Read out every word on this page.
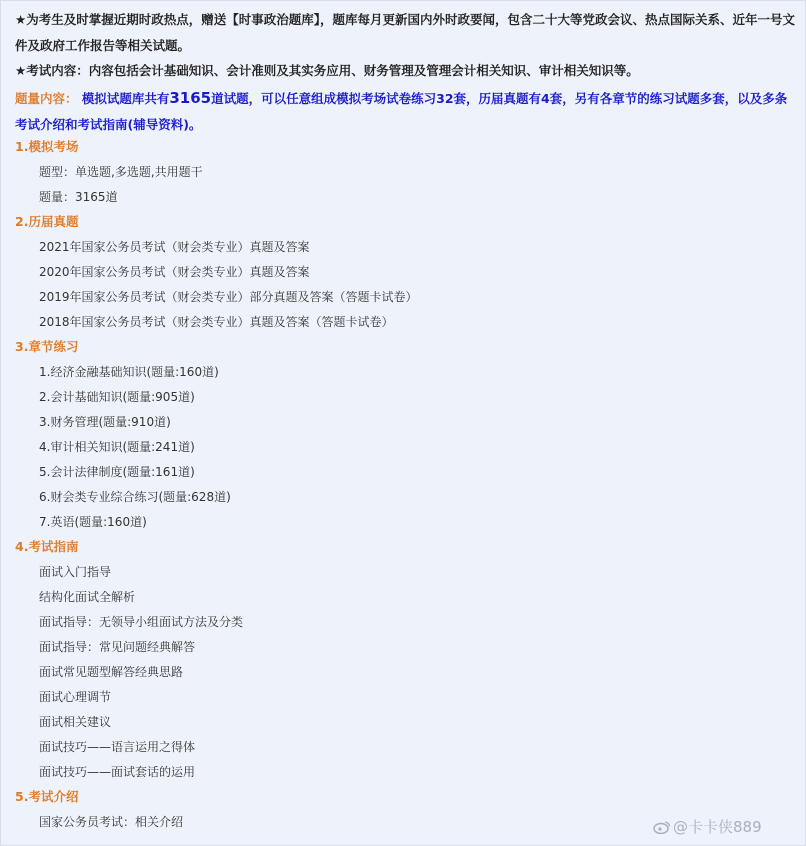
★为考生及时掌握近期时政热点，赠送【时事政治题库】，题库每月更新国内外时政要闻，包含二十大等党政会议、热点国际关系、近年一号文件及政府工作报告等相关试题。
★考试内容：内容包括会计基础知识、会计准则及其实务应用、财务管理及管理会计相关知识、审计相关知识等。
题量内容： 模拟试题库共有3165道试题，可以任意组成模拟考场试卷练习32套，历届真题有4套，另有各章节的练习试题多套，以及多条考试介绍和考试指南(辅导资料)。
1.模拟考场
题型：单选题,多选题,共用题干
题量：3165道
2.历届真题
2021年国家公务员考试（财会类专业）真题及答案
2020年国家公务员考试（财会类专业）真题及答案
2019年国家公务员考试（财会类专业）部分真题及答案（答题卡试卷）
2018年国家公务员考试（财会类专业）真题及答案（答题卡试卷）
3.章节练习
1.经济金融基础知识(题量:160道)
2.会计基础知识(题量:905道)
3.财务管理(题量:910道)
4.审计相关知识(题量:241道)
5.会计法律制度(题量:161道)
6.财会类专业综合练习(题量:628道)
7.英语(题量:160道)
4.考试指南
面试入门指导
结构化面试全解析
面试指导：无领导小组面试方法及分类
面试指导：常见问题经典解答
面试常见题型解答经典思路
面试心理调节
面试相关建议
面试技巧——语言运用之得体
面试技巧——面试套话的运用
5.考试介绍
国家公务员考试：相关介绍	@卡卡侠889
